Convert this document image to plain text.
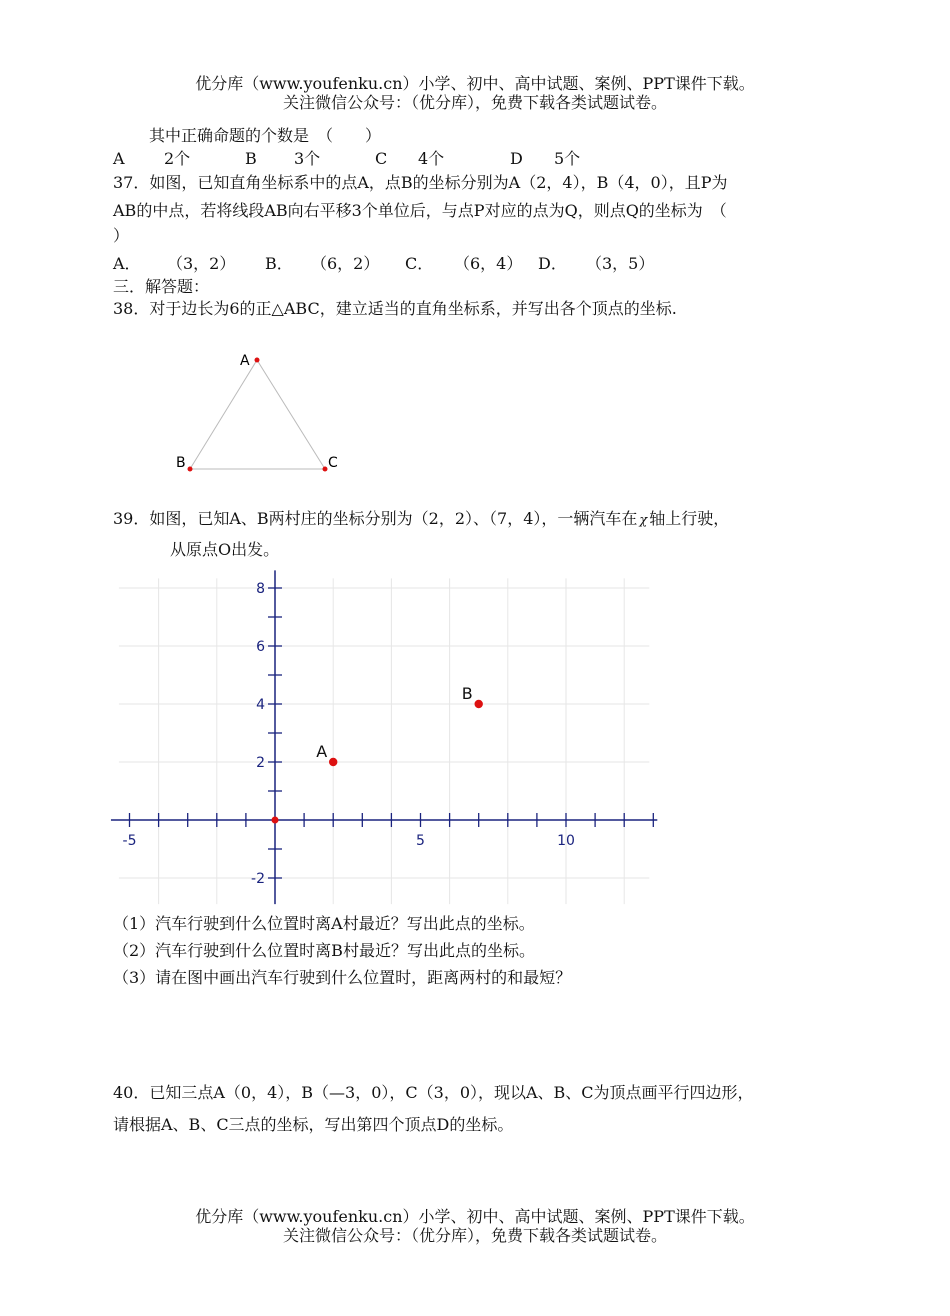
优分库（www.youfenku.cn）小学、初中、高中试题、案例、PPT课件下载。
关注微信公众号：（优分库），免费下载各类试题试卷。
其中正确命题的个数是　（　　）
A 2个	B 3个	C 4个	D 5个
37．如图，已知直角坐标系中的点A，点B的坐标分别为A（2，4），B（4，0），且P为
AB的中点，若将线段AB向右平移3个单位后，与点P对应的点为Q，则点Q的坐标为　（
）
A． （3，2） B． （6，2） C． （6，4） D． （3，5）
三．解答题：
38．对于边长为6的正△ABC，建立适当的直角坐标系，并写出各个顶点的坐标.
A
B	C
39．如图，已知A、B两村庄的坐标分别为（2，2）、（7，4），一辆汽车在 χ 轴上行驶，
从原点O出发。
-5	5	10
8
6
4
2
-2
A
B
（1）汽车行驶到什么位置时离A村最近？写出此点的坐标。
（2）汽车行驶到什么位置时离B村最近？写出此点的坐标。
（3）请在图中画出汽车行驶到什么位置时，距离两村的和最短？
40．已知三点A（0，4），B（—3，0），C（3，0），现以A、B、C为顶点画平行四边形，
请根据A、B、C三点的坐标，写出第四个顶点D的坐标。
优分库（www.youfenku.cn）小学、初中、高中试题、案例、PPT课件下载。
关注微信公众号：（优分库），免费下载各类试题试卷。
